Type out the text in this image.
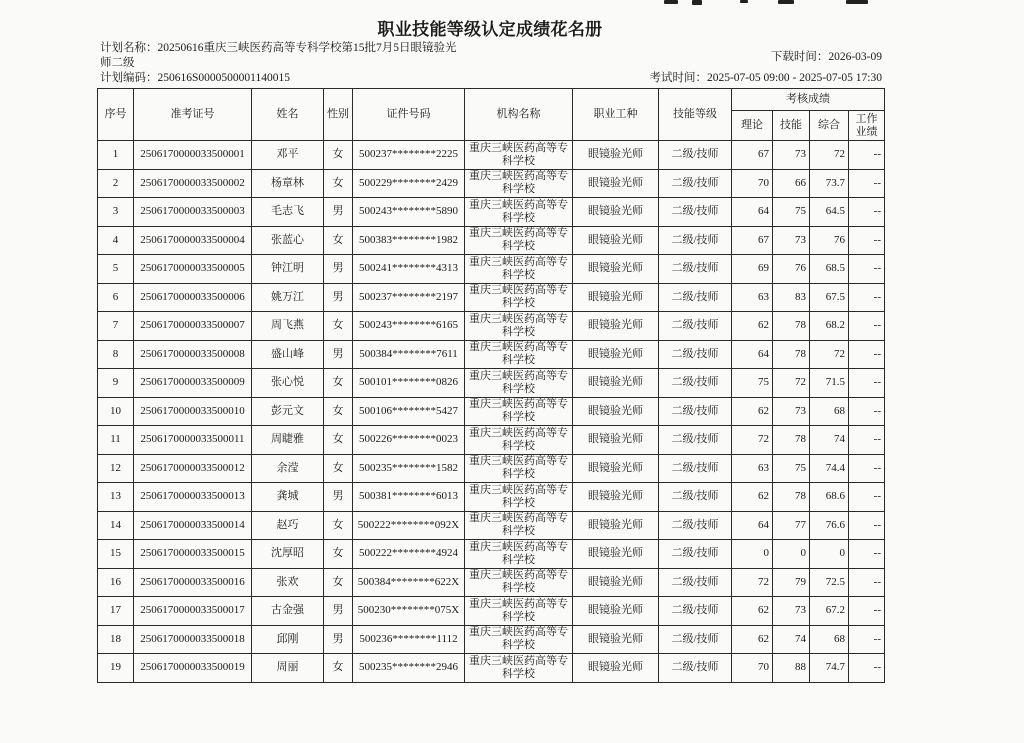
职业技能等级认定成绩花名册
计划名称：20250616重庆三峡医药高等专科学校第15批7月5日眼镜验光
师二级
计划编码：250616S0000500001140015
下载时间：2026-03-09
考试时间：2025-07-05 09:00 - 2025-07-05 17:30
序号	准考证号	姓名	性别	证件号码	机构名称	职业工种	技能等级	考核成绩			
								理论	技能	综合	工作业绩
1	2506170000033500001	邓平	女	500237********2225	重庆三峡医药高等专科学校	眼镜验光师	二级/技师	67	73	72	--
2	2506170000033500002	杨章林	女	500229********2429	重庆三峡医药高等专科学校	眼镜验光师	二级/技师	70	66	73.7	--
3	2506170000033500003	毛志飞	男	500243********5890	重庆三峡医药高等专科学校	眼镜验光师	二级/技师	64	75	64.5	--
4	2506170000033500004	张蓝心	女	500383********1982	重庆三峡医药高等专科学校	眼镜验光师	二级/技师	67	73	76	--
5	2506170000033500005	钟江明	男	500241********4313	重庆三峡医药高等专科学校	眼镜验光师	二级/技师	69	76	68.5	--
6	2506170000033500006	姚万江	男	500237********2197	重庆三峡医药高等专科学校	眼镜验光师	二级/技师	63	83	67.5	--
7	2506170000033500007	周飞燕	女	500243********6165	重庆三峡医药高等专科学校	眼镜验光师	二级/技师	62	78	68.2	--
8	2506170000033500008	盛山峰	男	500384********7611	重庆三峡医药高等专科学校	眼镜验光师	二级/技师	64	78	72	--
9	2506170000033500009	张心悦	女	500101********0826	重庆三峡医药高等专科学校	眼镜验光师	二级/技师	75	72	71.5	--
10	2506170000033500010	彭元文	女	500106********5427	重庆三峡医药高等专科学校	眼镜验光师	二级/技师	62	73	68	--
11	2506170000033500011	周睫雅	女	500226********0023	重庆三峡医药高等专科学校	眼镜验光师	二级/技师	72	78	74	--
12	2506170000033500012	余滢	女	500235********1582	重庆三峡医药高等专科学校	眼镜验光师	二级/技师	63	75	74.4	--
13	2506170000033500013	龚城	男	500381********6013	重庆三峡医药高等专科学校	眼镜验光师	二级/技师	62	78	68.6	--
14	2506170000033500014	赵巧	女	500222********092X	重庆三峡医药高等专科学校	眼镜验光师	二级/技师	64	77	76.6	--
15	2506170000033500015	沈厚昭	女	500222********4924	重庆三峡医药高等专科学校	眼镜验光师	二级/技师	0	0	0	--
16	2506170000033500016	张欢	女	500384********622X	重庆三峡医药高等专科学校	眼镜验光师	二级/技师	72	79	72.5	--
17	2506170000033500017	古金强	男	500230********075X	重庆三峡医药高等专科学校	眼镜验光师	二级/技师	62	73	67.2	--
18	2506170000033500018	邱刚	男	500236********1112	重庆三峡医药高等专科学校	眼镜验光师	二级/技师	62	74	68	--
19	2506170000033500019	周丽	女	500235********2946	重庆三峡医药高等专科学校	眼镜验光师	二级/技师	70	88	74.7	--
